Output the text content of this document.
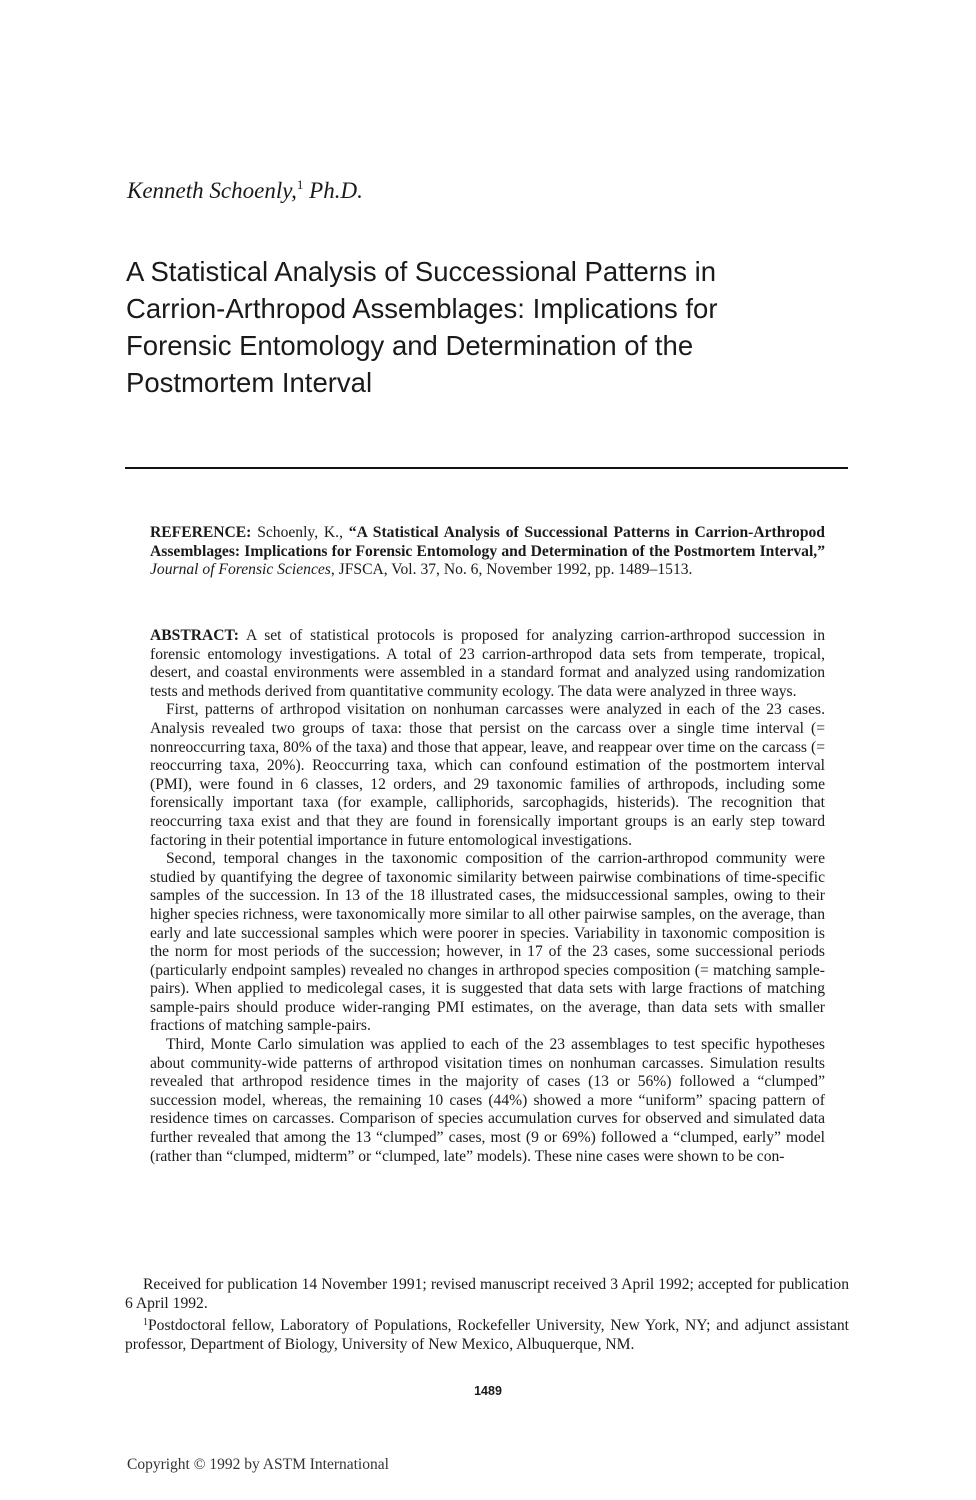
Kenneth Schoenly,$^1$ Ph.D.
A Statistical Analysis of Successional Patterns in
Carrion-Arthropod Assemblages: Implications for
Forensic Entomology and Determination of the
Postmortem Interval
REFERENCE: Schoenly, K., “A Statistical Analysis of Successional Patterns in Carrion-Arthropod Assemblages: Implications for Forensic Entomology and Determination of the Postmortem Interval,” Journal of Forensic Sciences, JFSCA, Vol. 37, No. 6, November 1992, pp. 1489–1513.

ABSTRACT: A set of statistical protocols is proposed for analyzing carrion-arthropod succession in forensic entomology investigations. A total of 23 carrion-arthropod data sets from temperate, tropical, desert, and coastal environments were assembled in a standard format and analyzed using randomization tests and methods derived from quantitative community ecology. The data were analyzed in three ways.

First, patterns of arthropod visitation on nonhuman carcasses were analyzed in each of the 23 cases. Analysis revealed two groups of taxa: those that persist on the carcass over a single time interval (= nonreoccurring taxa, 80% of the taxa) and those that appear, leave, and reappear over time on the carcass (= reoccurring taxa, 20%). Reoccurring taxa, which can confound estimation of the postmortem interval (PMI), were found in 6 classes, 12 orders, and 29 taxonomic families of arthropods, including some forensically important taxa (for example, calliphorids, sarcophagids, histerids). The recognition that reoccurring taxa exist and that they are found in forensically important groups is an early step toward factoring in their potential importance in future entomological investigations.

Second, temporal changes in the taxonomic composition of the carrion-arthropod community were studied by quantifying the degree of taxonomic similarity between pairwise combinations of time-specific samples of the succession. In 13 of the 18 illustrated cases, the midsuccessional samples, owing to their higher species richness, were taxonomically more similar to all other pairwise samples, on the average, than early and late successional samples which were poorer in species. Variability in taxonomic composition is the norm for most periods of the succession; however, in 17 of the 23 cases, some successional periods (particularly endpoint samples) revealed no changes in arthropod species composition (= matching sample-pairs). When applied to medicolegal cases, it is suggested that data sets with large fractions of matching sample-pairs should produce wider-ranging PMI estimates, on the average, than data sets with smaller fractions of matching sample-pairs.

Third, Monte Carlo simulation was applied to each of the 23 assemblages to test specific hypotheses about community-wide patterns of arthropod visitation times on nonhuman carcasses. Simulation results revealed that arthropod residence times in the majority of cases (13 or 56%) followed a “clumped” succession model, whereas, the remaining 10 cases (44%) showed a more “uniform” spacing pattern of residence times on carcasses. Comparison of species accumulation curves for observed and simulated data further revealed that among the 13 “clumped” cases, most (9 or 69%) followed a “clumped, early” model (rather than “clumped, midterm” or “clumped, late” models). These nine cases were shown to be con-

Received for publication 14 November 1991; revised manuscript received 3 April 1992; accepted for publication 6 April 1992.

$^1$Postdoctoral fellow, Laboratory of Populations, Rockefeller University, New York, NY; and adjunct assistant professor, Department of Biology, University of New Mexico, Albuquerque, NM.

1489
Copyright © 1992 by ASTM International
